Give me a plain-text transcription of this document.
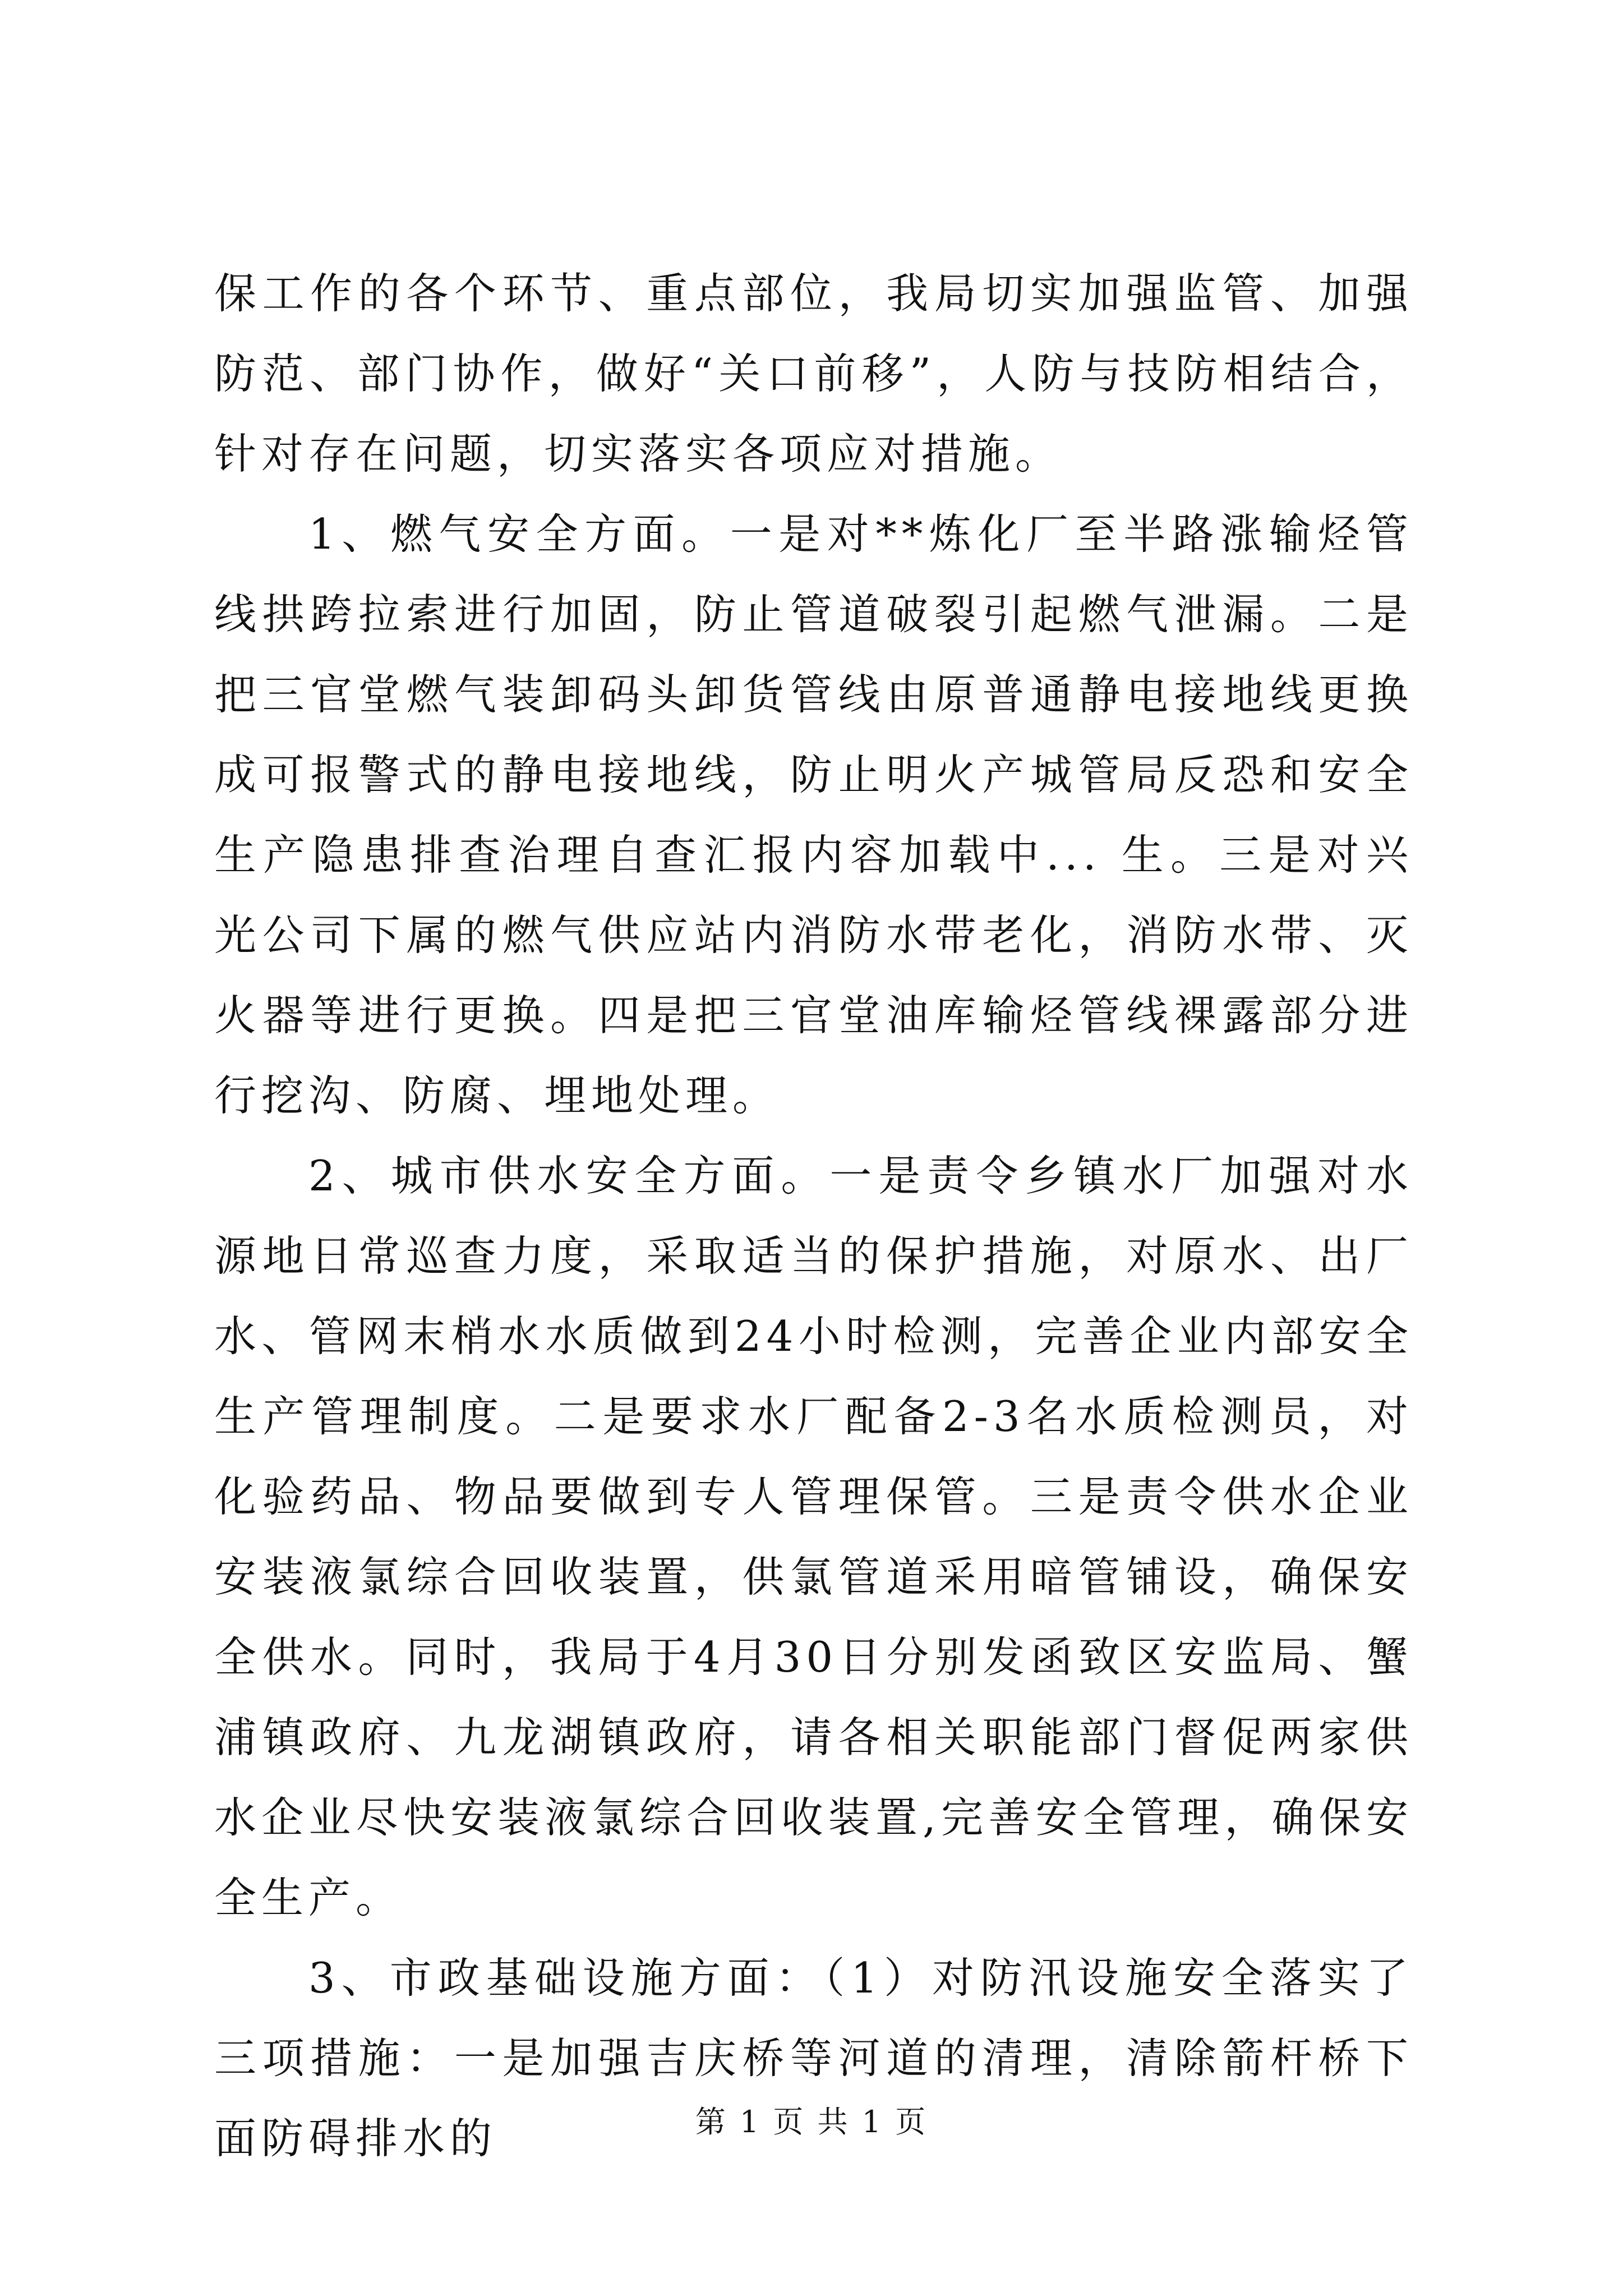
保工作的各个环节、重点部位，我局切实加强监管、加强防范、部门协作，做好“关口前移”，人防与技防相结合，针对存在问题，切实落实各项应对措施。

1、燃气安全方面。一是对**炼化厂至半路涨输烃管线拱跨拉索进行加固，防止管道破裂引起燃气泄漏。二是把三官堂燃气装卸码头卸货管线由原普通静电接地线更换成可报警式的静电接地线，防止明火产城管局反恐和安全生产隐患排查治理自查汇报内容加载中... 生。三是对兴光公司下属的燃气供应站内消防水带老化，消防水带、灭火器等进行更换。四是把三官堂油库输烃管线裸露部分进行挖沟、防腐、埋地处理。

2、城市供水安全方面。一是责令乡镇水厂加强对水源地日常巡查力度，采取适当的保护措施，对原水、出厂水、管网末梢水水质做到24小时检测，完善企业内部安全生产管理制度。二是要求水厂配备2-3名水质检测员，对化验药品、物品要做到专人管理保管。三是责令供水企业安装液氯综合回收装置，供氯管道采用暗管铺设，确保安全供水。同时，我局于4月30日分别发函致区安监局、蟹浦镇政府、九龙湖镇政府，请各相关职能部门督促两家供水企业尽快安装液氯综合回收装置,完善安全管理，确保安全生产。

3、市政基础设施方面：（1）对防汛设施安全落实了三项措施：一是加强吉庆桥等河道的清理，清除箭杆桥下面防碍排水的	第 1 页 共 1 页
